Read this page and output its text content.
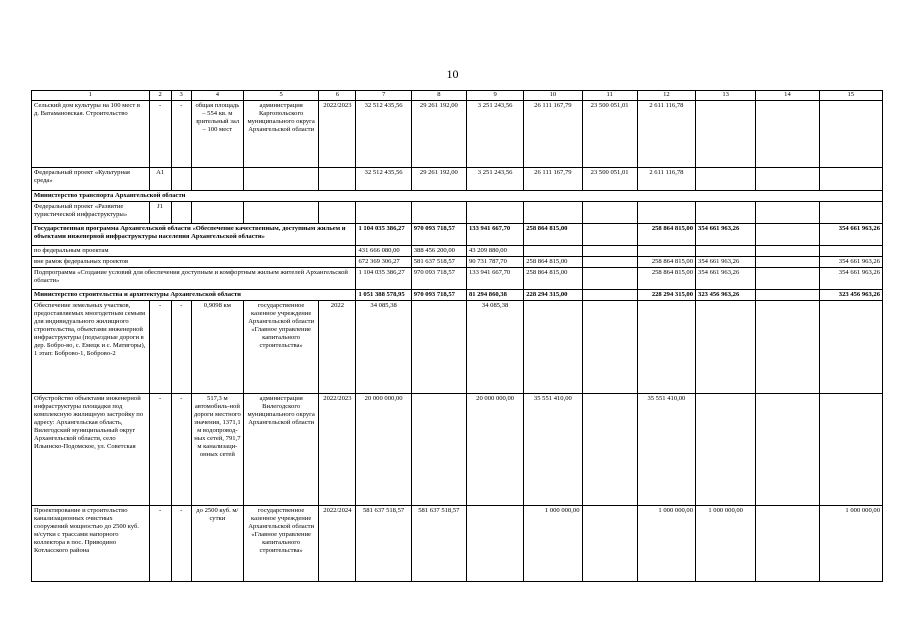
10
1	2	3	4	5	6	7	8	9	10	11	12	13	14	15
Сельский дом культуры на 100 мест в д. Ватамановская. Строительство	-	-	общая площадь – 554 кв. м зрительный зал – 100 мест	администрация Каргопольского муниципального округа Архангельской области	2022/2023	32 512 435,56	29 261 192,00	3 251 243,56	26 111 167,79	23 500 051,01	2 611 116,78			
Федеральный проект «Культурная среда»	А1					32 512 435,56	29 261 192,00	3 251 243,56	26 111 167,79	23 500 051,01	2 611 116,78			
Министерство транспорта Архангельской области														
Федеральный проект «Развитие туристической инфраструктуры»	J1													
Государственная программа Архангельской области «Обеспечение качественным, доступным жильем и объектами инженерной инфраструктуры населения Архангельской области»						1 104 035 386,27	970 093 718,57	133 941 667,70	258 864 815,00		258 864 815,00	354 661 963,26		354 661 963,26
по федеральным проектам						431 666 080,00	388 456 200,00	43 209 880,00						
вне рамок федеральных проектов						672 369 306,27	581 637 518,57	90 731 787,70	258 864 815,00		258 864 815,00	354 661 963,26		354 661 963,26
Подпрограмма «Создание условий для обеспечения доступным и комфортным жильем жителей Архангельской области»						1 104 035 386,27	970 093 718,57	133 941 667,70	258 864 815,00		258 864 815,00	354 661 963,26		354 661 963,26
Министерство строительства и архитектуры Архангельской области						1 051 388 578,95	970 093 718,57	81 294 860,38	228 294 315,00		228 294 315,00	323 456 963,26		323 456 963,26
Обеспечение земельных участков, предоставляемых многодетным семьям для индивидуального жилищного строительства, объектами инженерной инфраструктуры (подъездные дороги в дер. Бобро-во, с. Емецк и с. Матигоры), 1 этап: Боброво-1, Боброво-2	-	-	0,9098 км	государственное казенное учреждение Архангельской области «Главное управление капитального строительства»	2022	34 085,38		34 085,38						
Обустройство объектами инженерной инфраструктуры площадки под комплексную жилищную застройку по адресу: Архангельская область, Вилегодский муниципальный округ Архангельской области, село Ильинско-Подомское, ул. Советская	-	-	517,3 м автомобиль-ной дороги местного значения, 1371,1 м водопровод-ных сетей, 791,7 м канализаци-онных сетей	администрация Вилегодского муниципального округа Архангельской области	2022/2023	20 000 000,00		20 000 000,00	35 551 410,00		35 551 410,00			
Проектирование и строительство канализационных очистных сооружений мощностью до 2500 куб. м/сутки с трассами напорного коллектора в пос. Приводино Котласского района	-	-	до 2500 куб. м/сутки	государственное казенное учреждение Архангельской области «Главное управление капитального строительства»	2022/2024	581 637 518,57	581 637 518,57		1 000 000,00		1 000 000,00	1 000 000,00		1 000 000,00
